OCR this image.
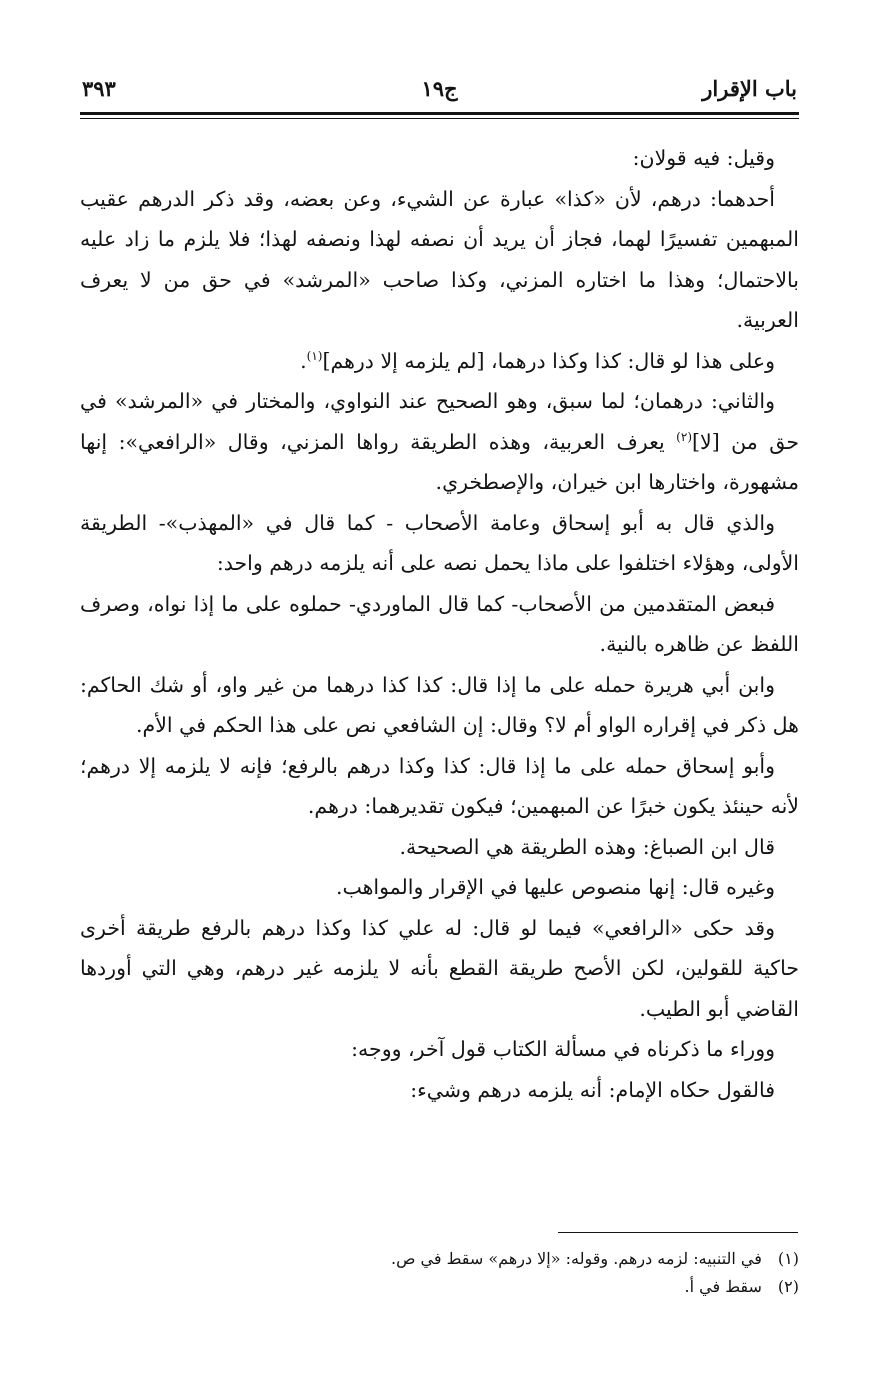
باب الإقرار
ج١٩
٣٩٣

وقيل: فيه قولان:

أحدهما: درهم، لأن «كذا» عبارة عن الشيء، وعن بعضه، وقد ذكر الدرهم عقيب المبهمين تفسيرًا لهما، فجاز أن يريد أن نصفه لهذا ونصفه لهذا؛ فلا يلزم ما زاد عليه بالاحتمال؛ وهذا ما اختاره المزني، وكذا صاحب «المرشد» في حق من لا يعرف العربية.

وعلى هذا لو قال: كذا وكذا درهما، [لم يلزمه إلا درهم]$^{(١)}$.

والثاني: درهمان؛ لما سبق، وهو الصحيح عند النواوي، والمختار في «المرشد» في حق من [لا]$^{(٢)}$ يعرف العربية، وهذه الطريقة رواها المزني، وقال «الرافعي»: إنها مشهورة، واختارها ابن خيران، والإصطخري.

والذي قال به أبو إسحاق وعامة الأصحاب - كما قال في «المهذب»- الطريقة الأولى، وهؤلاء اختلفوا على ماذا يحمل نصه على أنه يلزمه درهم واحد:

فبعض المتقدمين من الأصحاب- كما قال الماوردي- حملوه على ما إذا نواه، وصرف اللفظ عن ظاهره بالنية.

وابن أبي هريرة حمله على ما إذا قال: كذا كذا درهما من غير واو، أو شك الحاكم: هل ذكر في إقراره الواو أم لا؟ وقال: إن الشافعي نص على هذا الحكم في الأم.

وأبو إسحاق حمله على ما إذا قال: كذا وكذا درهم بالرفع؛ فإنه لا يلزمه إلا درهم؛ لأنه حينئذ يكون خبرًا عن المبهمين؛ فيكون تقديرهما: درهم.

قال ابن الصباغ: وهذه الطريقة هي الصحيحة.

وغيره قال: إنها منصوص عليها في الإقرار والمواهب.

وقد حكى «الرافعي» فيما لو قال: له علي كذا وكذا درهم بالرفع طريقة أخرى حاكية للقولين، لكن الأصح طريقة القطع بأنه لا يلزمه غير درهم، وهي التي أوردها القاضي أبو الطيب.

ووراء ما ذكرناه في مسألة الكتاب قول آخر، ووجه:

فالقول حكاه الإمام: أنه يلزمه درهم وشيء:

(١) في التنبيه: لزمه درهم. وقوله: «إلا درهم» سقط في ص.

(٢) سقط في أ.
